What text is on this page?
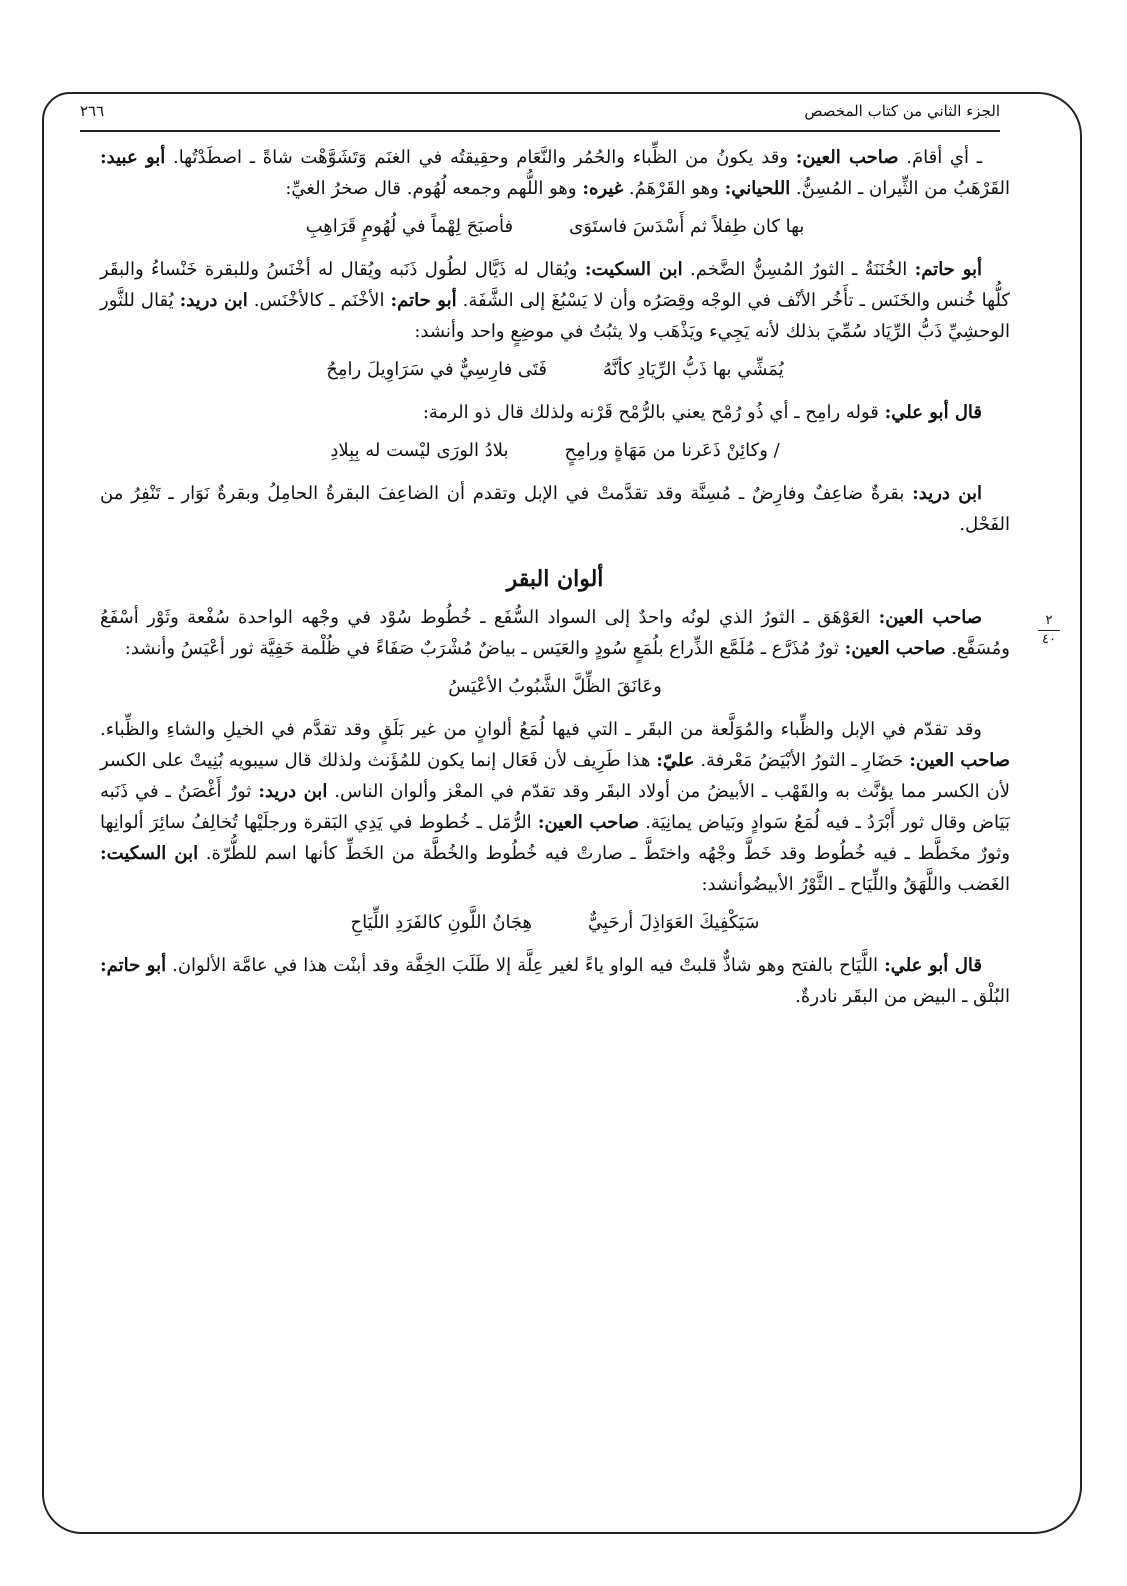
الجزء الثاني من كتاب المخصص
٢٦٦
٢
٤٠

ـ أي أقامَ. صاحب العين: وقد يكونُ من الظِّباء والحُمُر والنَّعَام وحقِيقتُه في الغنَم وَتَشَوَّهْت شاةً ـ اصطَدْتُها. أبو عبيد: القَرْهَبُ من الثِّيران ـ المُسِنُّ. اللحياني: وهو القَرْهَمُ. غيره: وهو اللُّهم وجمعه لُهُوم. قال صخرُ الغيِّ:

بها كان طِفلاً ثم أَسْدَسَ فاستَوَى
فأصبَحَ لِهْماً في لُهُومٍ قَرَاهِبِ

أبو حاتم: الخُنَنَةُ ـ الثورُ المُسِنُّ الضَّخم. ابن السكيت: ويُقال له ذَيَّال لطُول ذَنَبه ويُقال له أخْنَسُ وللبقرة خَنْساءُ والبقَر كلُّها خُنس والخَنَس ـ تأَخُر الأنْف في الوجْه وقِصَرُه وأن لا يَسْبُغَ إلى الشَّفَة. أبو حاتم: الأخْنَم ـ كالأخْنَس. ابن دريد: يُقال للثَّور الوحشِيِّ ذَبُّ الرِّيَاد سُمِّيَ بذلك لأنه يَجِيء ويَذْهَب ولا يثبُتُ في موضِعٍ واحد وأنشد:

يُمَشِّي بها ذَبُّ الرِّيَادِ كأنَّهُ
فَتَى فارِسِيٌّ في سَرَاوِيلَ رامِحُ

قال أبو علي: قوله رامِح ـ أي ذُو رُمْح يعني بالرُّمْح قَرْنه ولذلك قال ذو الرمة:

/ وكائِنْ ذَعَرنا من مَهَاةٍ ورامِحٍ
بلادُ الورَى ليْست له بِبِلادِ

ابن دريد: بقرةٌ ضاعِفٌ وفارِضٌ ـ مُسِنَّة وقد تقدَّمتْ في الإبل وتقدم أن الضاعِفَ البقرةُ الحامِلُ وبقرةٌ نَوَار ـ تَنْفِرُ من الفَحْل.

ألوان البقر

صاحب العين: العَوْهَق ـ الثورُ الذي لونُه واحدٌ إلى السواد السُّفَع ـ خُطُوط سُوْد في وجْهه الواحدة سُفْعة وثَوْر أسْفَعُ ومُسَفَّع. صاحب العين: ثورٌ مُذَرَّع ـ مُلَمَّع الذِّراع بلُمَعٍ سُودٍ والعَيَس ـ بياضٌ مُشْرَبٌ صَفَاءً في ظُلْمة خَفِيَّة ثور أعْيَسُ وأنشد:

وعَانَقَ الظِّلَّ الشَّبُوبُ الأعْيَسُ

وقد تقدّم في الإبل والظِّباء والمُوَلَّعة من البقَر ـ التي فيها لُمَعُ ألوانٍ من غير بَلَقٍ وقد تقدَّم في الخيلِ والشاءِ والظِّباء. صاحب العين: حَضَارِ ـ الثورُ الأبْيَضُ مَعْرفة. عليّ: هذا طَرِيف لأن فَعَال إنما يكون للمُؤَنث ولذلك قال سيبويه بُنِيتْ على الكسر لأن الكسر مما يؤنَّث به والقَهْب ـ الأبيضُ من أولاد البقَر وقد تقدّم في المعْز وألوان الناس. ابن دريد: ثورٌ أَغْصَنُ ـ في ذَنَبه بَيَاض وقال ثور أَبْرَدُ ـ فيه لُمَعُ سَوادٍ وبَياض يمانِيَة. صاحب العين: الرُّمَل ـ خُطوط في يَدِي البَقرة ورجلَيْها تُخالِفُ سائِرَ ألوانِها وثورٌ مخَطَّط ـ فيه خُطُوط وقد خَطَّ وجْهُه واختَطَّ ـ صارتْ فيه خُطُوط والخُطَّة من الخَطِّ كأنها اسم للطُّرّة. ابن السكيت: الغَضب واللَّهَقُ واللِّيَاح ـ الثَّوْرُ الأبيضُوأنشد:

سَيَكْفِيكَ العَوَاذِلَ أرحَبِيٌّ
هِجَانُ اللَّونِ كالفَرَدِ اللِّيَاحِ

قال أبو علي: اللَّيَاح بالفتح وهو شاذٌّ قلبتْ فيه الواو ياءً لغير عِلَّة إلا طَلَبَ الخِفَّة وقد أبنْت هذا في عامَّة الألوان. أبو حاتم: البُلْق ـ البيض من البقَر نادرةٌ.
